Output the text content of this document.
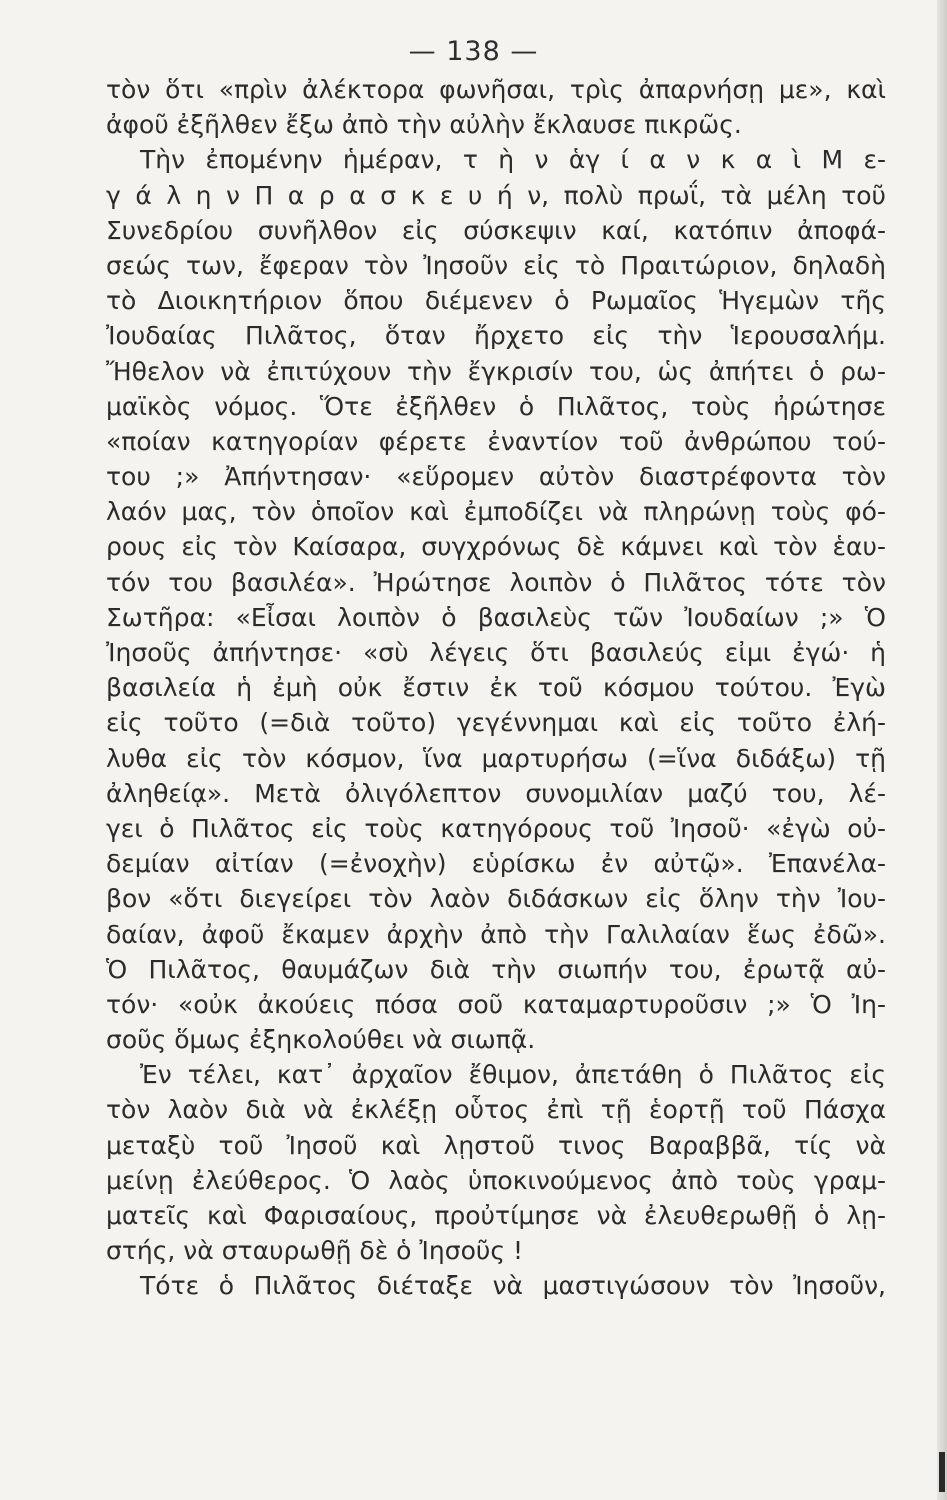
— 138 —
τὸν ὅτι «πρὶν ἀλέκτορα φωνῆσαι, τρὶς ἀπαρνήσῃ με», καὶ
ἀφοῦ ἐξῆλθεν ἔξω ἀπὸ τὴν αὐλὴν ἔκλαυσε πικρῶς.
Τὴν ἐπομένην ἡμέραν, τ ὴ ν ἁγ ί α ν κ α ὶ Μ ε-
γ ά λ η ν Π α ρ α σ κ ε υ ή ν, πολὺ πρωΐ, τὰ μέλη τοῦ
Συνεδρίου συνῆλθον εἰς σύσκεψιν καί, κατόπιν ἀποφά-
σεώς των, ἔφεραν τὸν Ἰησοῦν εἰς τὸ Πραιτώριον, δηλαδὴ
τὸ Διοικητήριον ὅπου διέμενεν ὁ Ρωμαῖος Ἡγεμὼν τῆς
Ἰουδαίας Πιλᾶτος, ὅταν ἤρχετο εἰς τὴν Ἱερουσαλήμ.
Ἤθελον νὰ ἐπιτύχουν τὴν ἔγκρισίν του, ὡς ἀπήτει ὁ ρω-
μαϊκὸς νόμος. Ὅτε ἐξῆλθεν ὁ Πιλᾶτος, τοὺς ἠρώτησε
«ποίαν κατηγορίαν φέρετε ἐναντίον τοῦ ἀνθρώπου τού-
του ;» Ἀπήντησαν· «εὕρομεν αὐτὸν διαστρέφοντα τὸν
λαόν μας, τὸν ὁποῖον καὶ ἐμποδίζει νὰ πληρώνῃ τοὺς φό-
ρους εἰς τὸν Καίσαρα, συγχρόνως δὲ κάμνει καὶ τὸν ἑαυ-
τόν του βασιλέα». Ἠρώτησε λοιπὸν ὁ Πιλᾶτος τότε τὸν
Σωτῆρα: «Εἶσαι λοιπὸν ὁ βασιλεὺς τῶν Ἰουδαίων ;» Ὁ
Ἰησοῦς ἀπήντησε· «σὺ λέγεις ὅτι βασιλεύς εἰμι ἐγώ· ἡ
βασιλεία ἡ ἐμὴ οὐκ ἔστιν ἐκ τοῦ κόσμου τούτου. Ἐγὼ
εἰς τοῦτο (=διὰ τοῦτο) γεγέννημαι καὶ εἰς τοῦτο ἐλή-
λυθα εἰς τὸν κόσμον, ἵνα μαρτυρήσω (=ἵνα διδάξω) τῇ
ἀληθείᾳ». Μετὰ ὀλιγόλεπτον συνομιλίαν μαζύ του, λέ-
γει ὁ Πιλᾶτος εἰς τοὺς κατηγόρους τοῦ Ἰησοῦ· «ἐγὼ οὐ-
δεμίαν αἰτίαν (=ἐνοχὴν) εὑρίσκω ἐν αὐτῷ». Ἐπανέλα-
βον «ὅτι διεγείρει τὸν λαὸν διδάσκων εἰς ὅλην τὴν Ἰου-
δαίαν, ἀφοῦ ἔκαμεν ἀρχὴν ἀπὸ τὴν Γαλιλαίαν ἕως ἐδῶ».
Ὁ Πιλᾶτος, θαυμάζων διὰ τὴν σιωπήν του, ἐρωτᾷ αὐ-
τόν· «οὐκ ἀκούεις πόσα σοῦ καταμαρτυροῦσιν ;» Ὁ Ἰη-
σοῦς ὅμως ἐξηκολούθει νὰ σιωπᾷ.
Ἐν τέλει, κατ᾿ ἀρχαῖον ἔθιμον, ἀπετάθη ὁ Πιλᾶτος εἰς
τὸν λαὸν διὰ νὰ ἐκλέξῃ οὗτος ἐπὶ τῇ ἑορτῇ τοῦ Πάσχα
μεταξὺ τοῦ Ἰησοῦ καὶ λῃστοῦ τινος Βαραββᾶ, τίς νὰ
μείνῃ ἐλεύθερος. Ὁ λαὸς ὑποκινούμενος ἀπὸ τοὺς γραμ-
ματεῖς καὶ Φαρισαίους, προὐτίμησε νὰ ἐλευθερωθῇ ὁ λῃ-
στής, νὰ σταυρωθῇ δὲ ὁ Ἰησοῦς !
Τότε ὁ Πιλᾶτος διέταξε νὰ μαστιγώσουν τὸν Ἰησοῦν,
